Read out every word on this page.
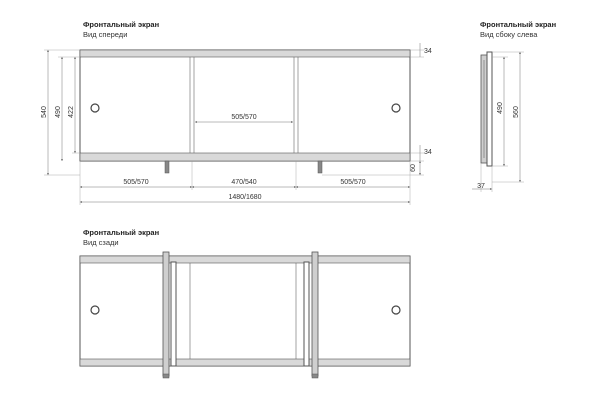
Фронтальный экран
Вид спереди
505/570
540 490 422
34
34
60
505/570	470/540	505/570
1480/1680
Фронтальный экран
Вид сбоку слева
490 560
37
Фронтальный экран
Вид сзади
